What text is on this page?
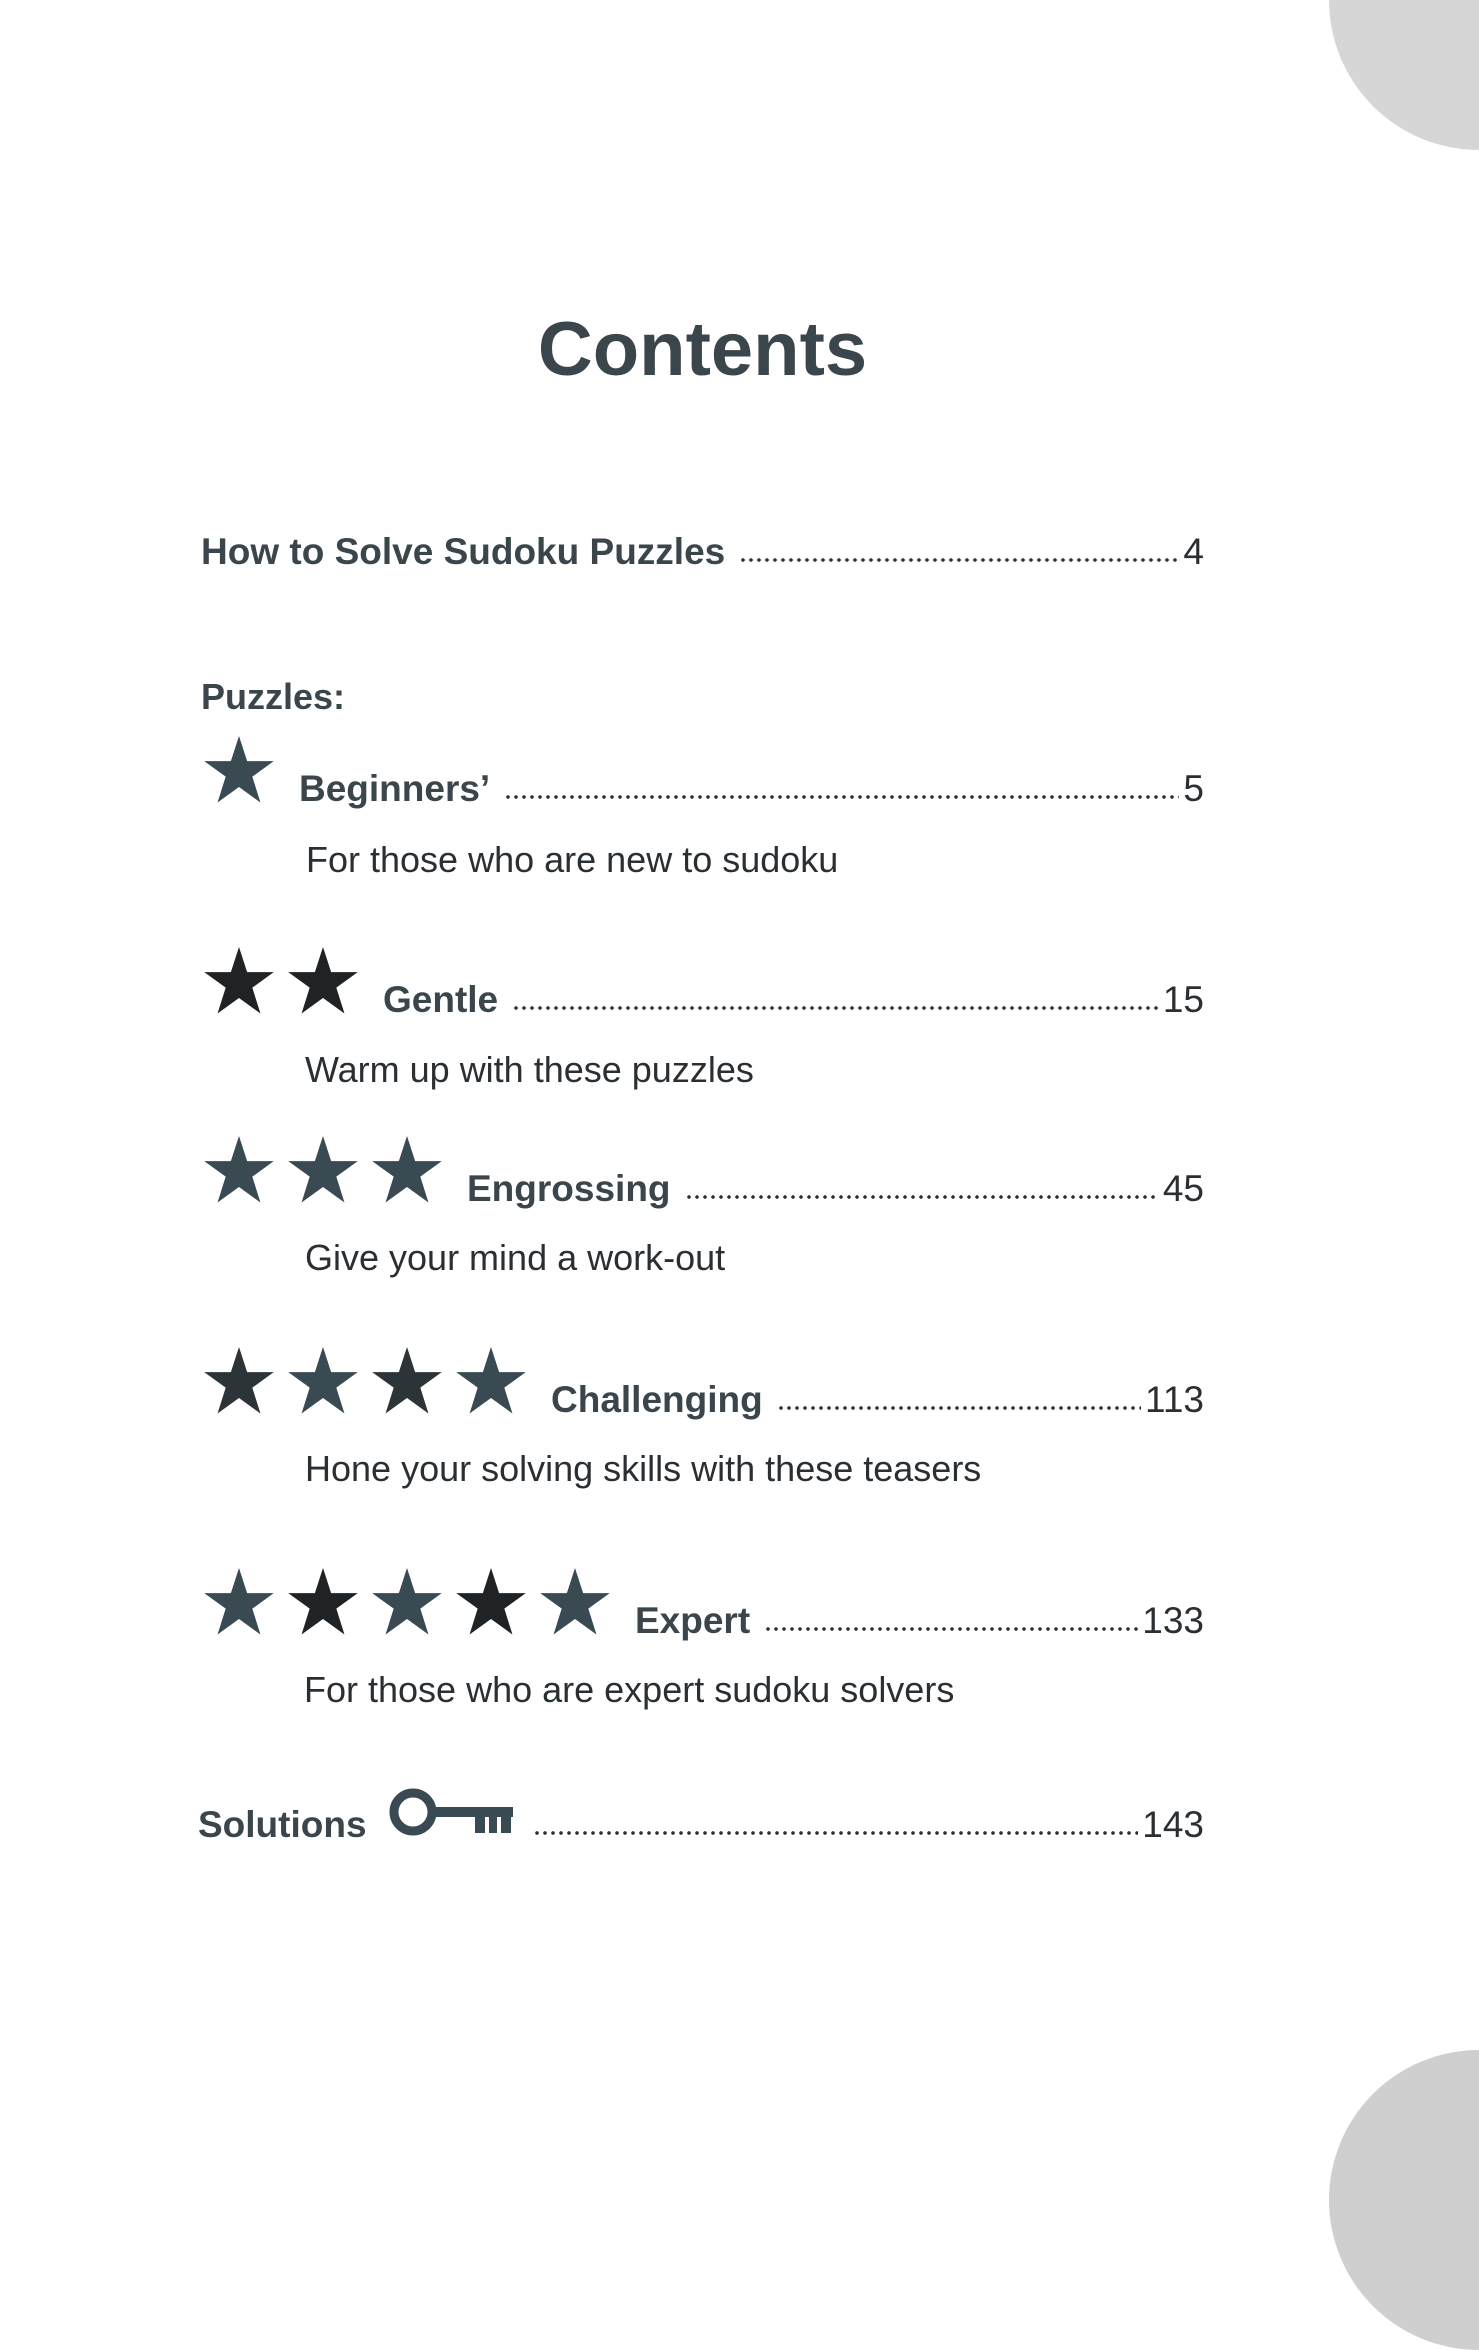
Contents
How to Solve Sudoku Puzzles	4
Puzzles:
Beginners’	5
For those who are new to sudoku
Gentle	15
Warm up with these puzzles
Engrossing	45
Give your mind a work-out
Challenging	113
Hone your solving skills with these teasers
Expert	133
For those who are expert sudoku solvers
Solutions	143
